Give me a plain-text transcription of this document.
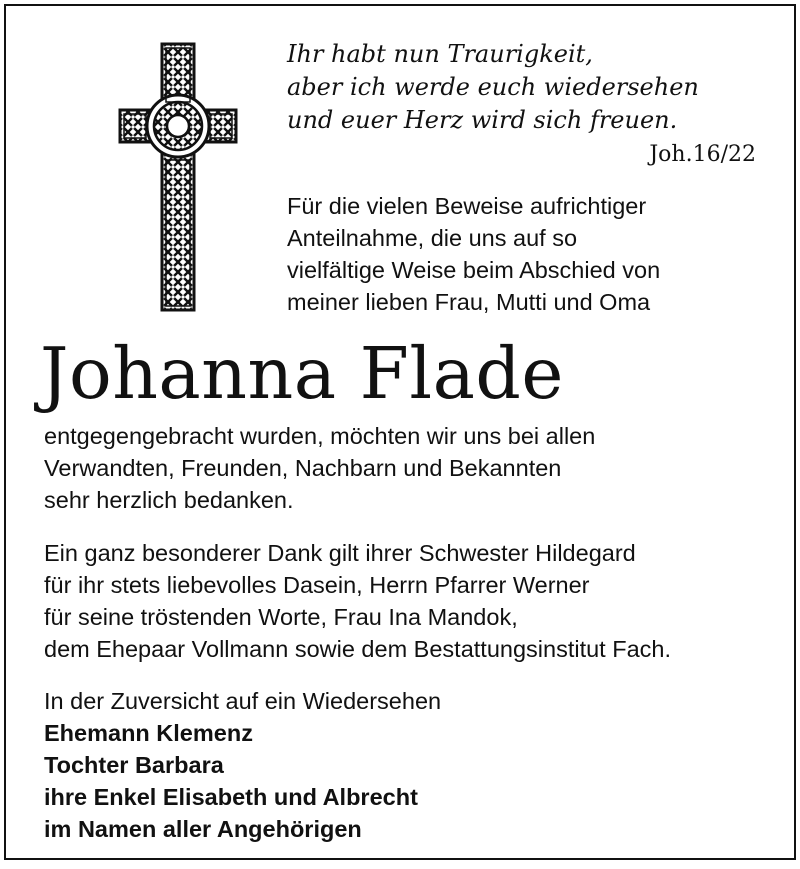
Ihr habt nun Traurigkeit,
aber ich werde euch wiedersehen
und euer Herz wird sich freuen.
Joh.16/22
Für die vielen Beweise aufrichtiger
Anteilnahme, die uns auf so
vielfältige Weise beim Abschied von
meiner lieben Frau, Mutti und Oma
Johanna Flade
entgegengebracht wurden, möchten wir uns bei allen
Verwandten, Freunden, Nachbarn und Bekannten
sehr herzlich bedanken.
Ein ganz besonderer Dank gilt ihrer Schwester Hildegard
für ihr stets liebevolles Dasein, Herrn Pfarrer Werner
für seine tröstenden Worte, Frau Ina Mandok,
dem Ehepaar Vollmann sowie dem Bestattungsinstitut Fach.
In der Zuversicht auf ein Wiedersehen
Ehemann Klemenz
Tochter Barbara
ihre Enkel Elisabeth und Albrecht
im Namen aller Angehörigen
